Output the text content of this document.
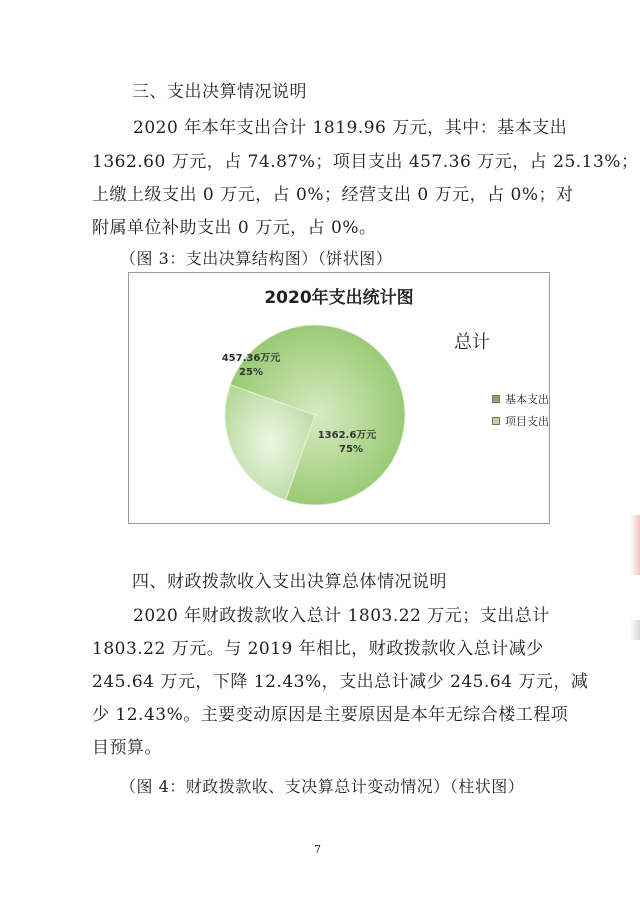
三、支出决算情况说明
2020 年本年支出合计 1819.96 万元，其中：基本支出
1362.60 万元，占 74.87%；项目支出 457.36 万元，占 25.13%；
上缴上级支出 0 万元，占 0%；经营支出 0 万元，占 0%；对
附属单位补助支出 0 万元，占 0%。
（图 3：支出决算结构图）（饼状图）
2020年支出统计图
总计
457.36万元
25%
1362.6万元
75%
基本支出
项目支出
四、财政拨款收入支出决算总体情况说明
2020 年财政拨款收入总计 1803.22 万元；支出总计
1803.22 万元。与 2019 年相比，财政拨款收入总计减少
245.64 万元，下降 12.43%，支出总计减少 245.64 万元，减
少 12.43%。主要变动原因是主要原因是本年无综合楼工程项
目预算。
（图 4：财政拨款收、支决算总计变动情况）（柱状图）
7
